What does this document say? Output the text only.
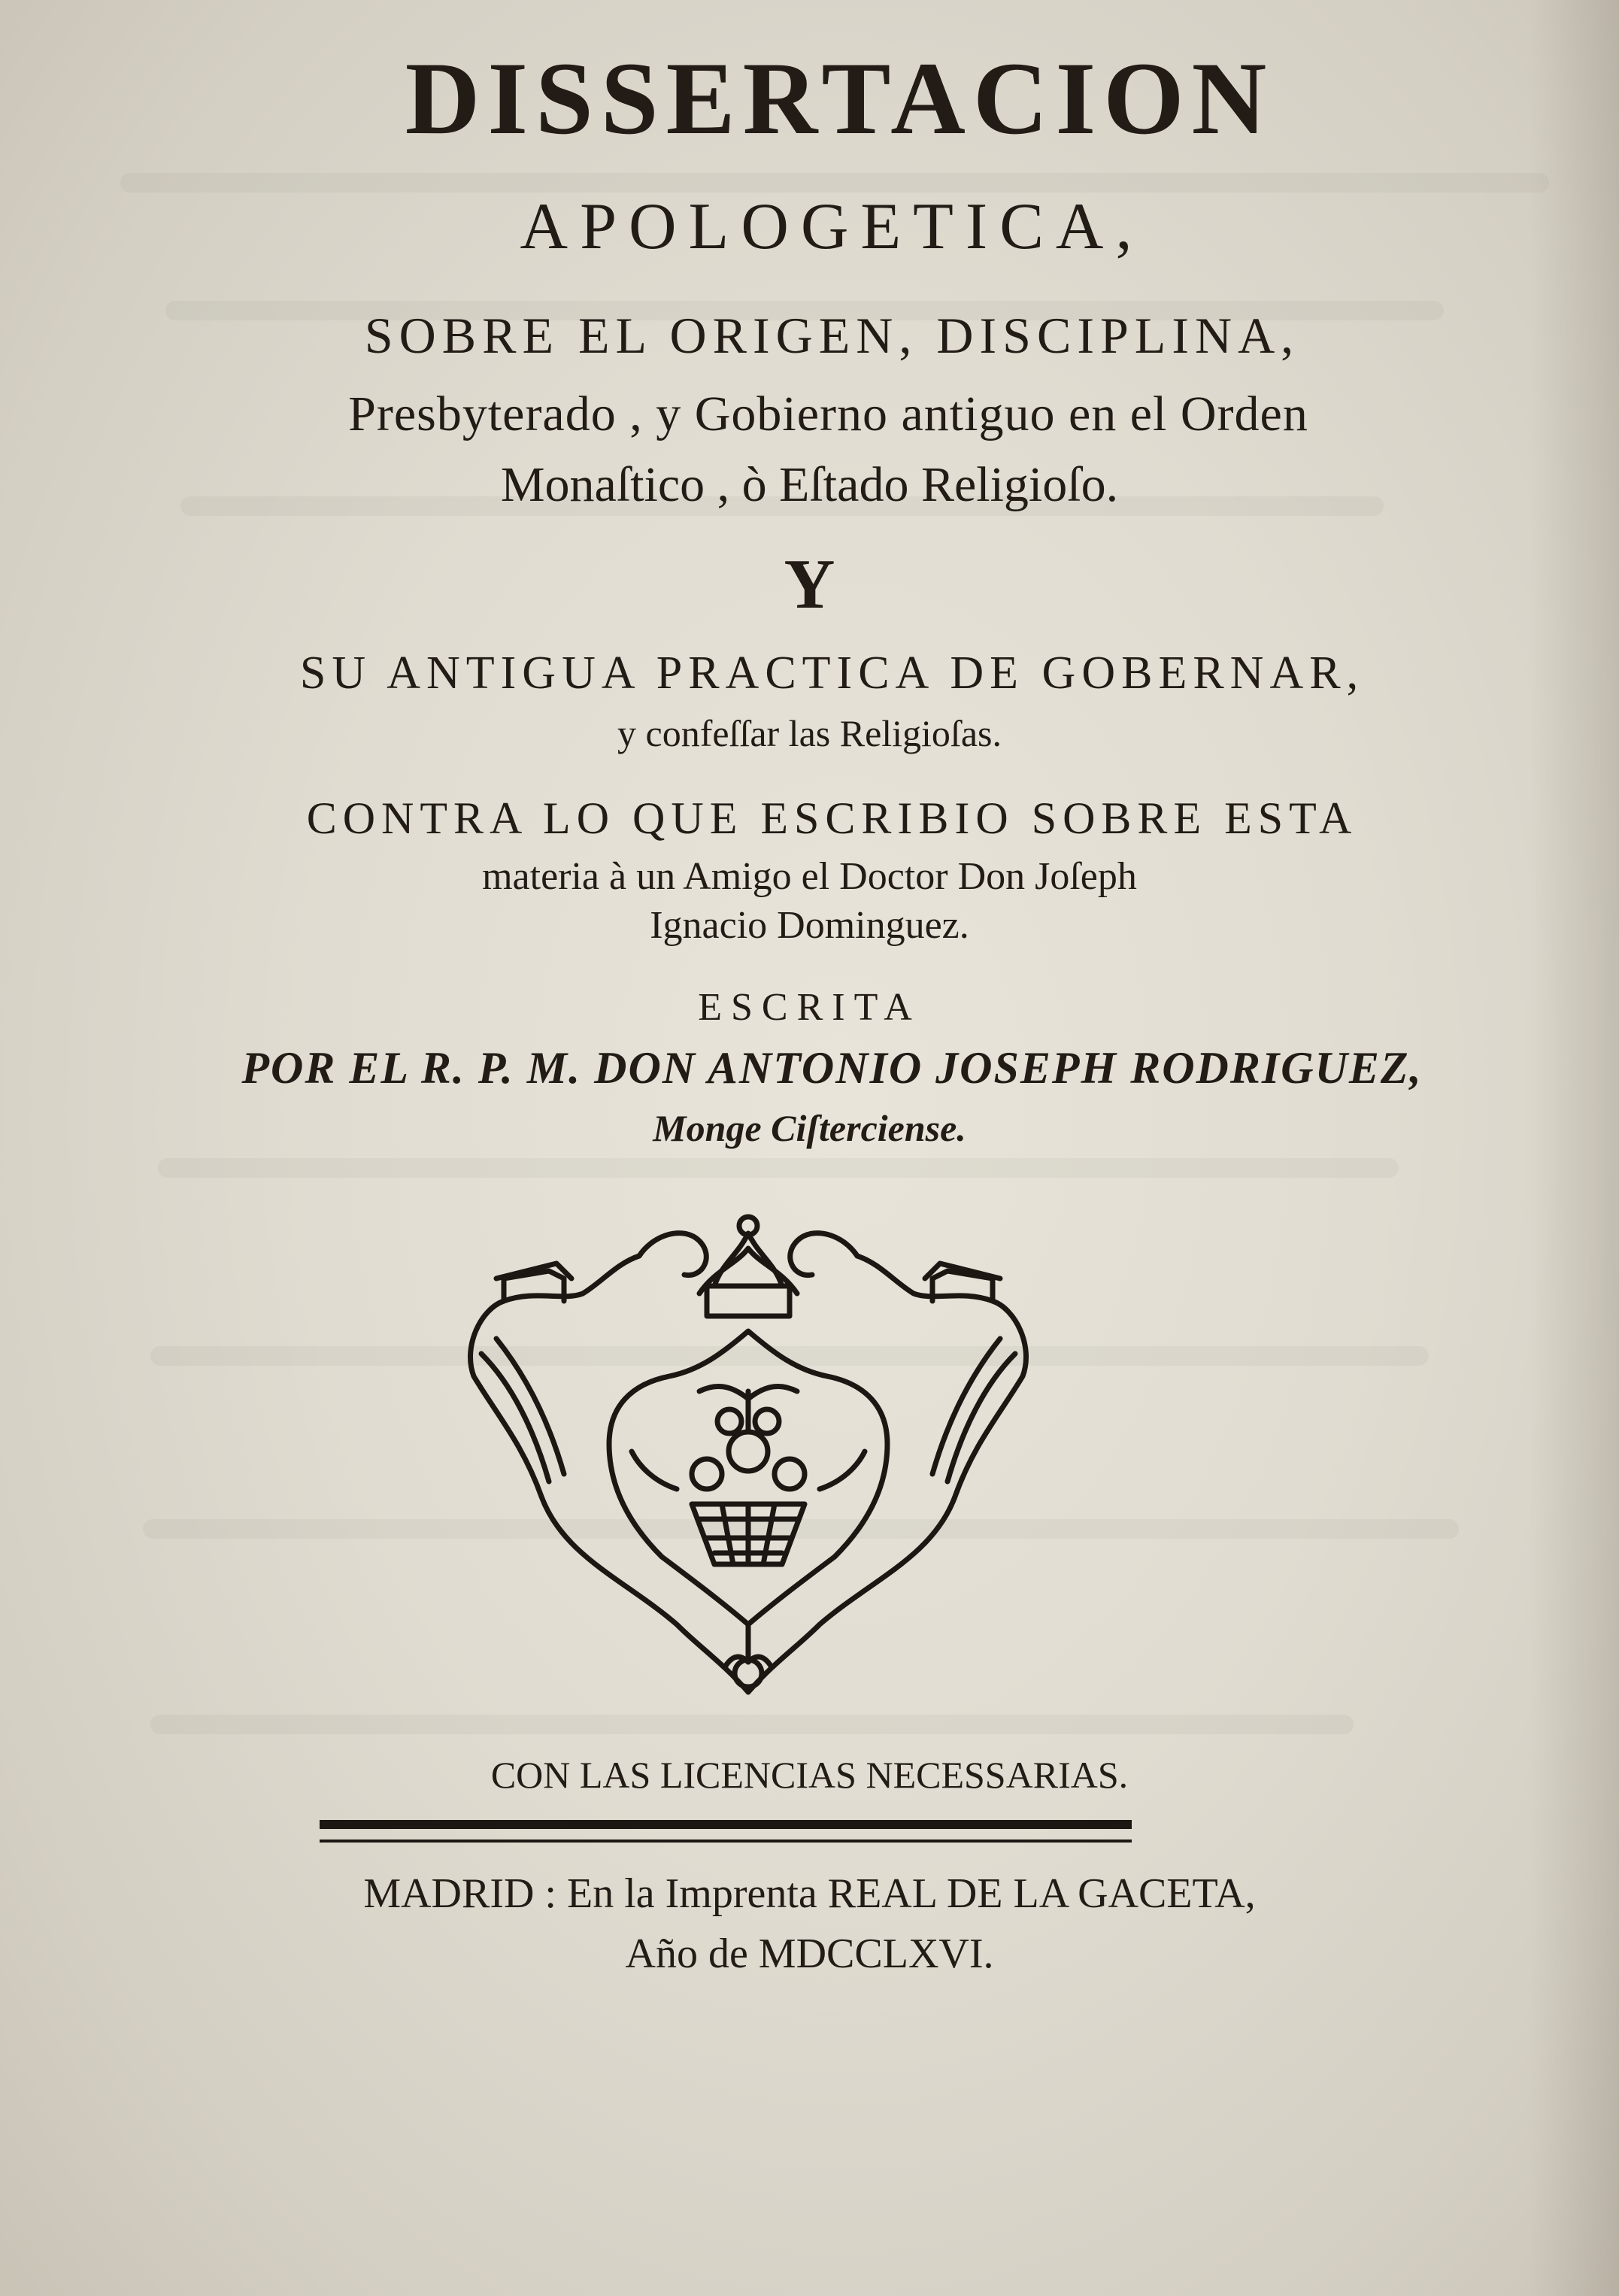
DISSERTACION

APOLOGETICA,

SOBRE EL ORIGEN, DISCIPLINA,

Presbyterado , y Gobierno antiguo en el Orden

Monaſtico , ò Eſtado Religioſo.

Y

SU ANTIGUA PRACTICA DE GOBERNAR,

y confeſſar las Religioſas.

CONTRA LO QUE ESCRIBIO SOBRE ESTA

materia à un Amigo el Doctor Don Joſeph

Ignacio Dominguez.

ESCRITA

POR EL R. P. M. DON ANTONIO JOSEPH RODRIGUEZ,

Monge Ciſterciense.

CON LAS LICENCIAS NECESSARIAS.

MADRID : En la Imprenta REAL DE LA GACETA,

Año de MDCCLXVI.
